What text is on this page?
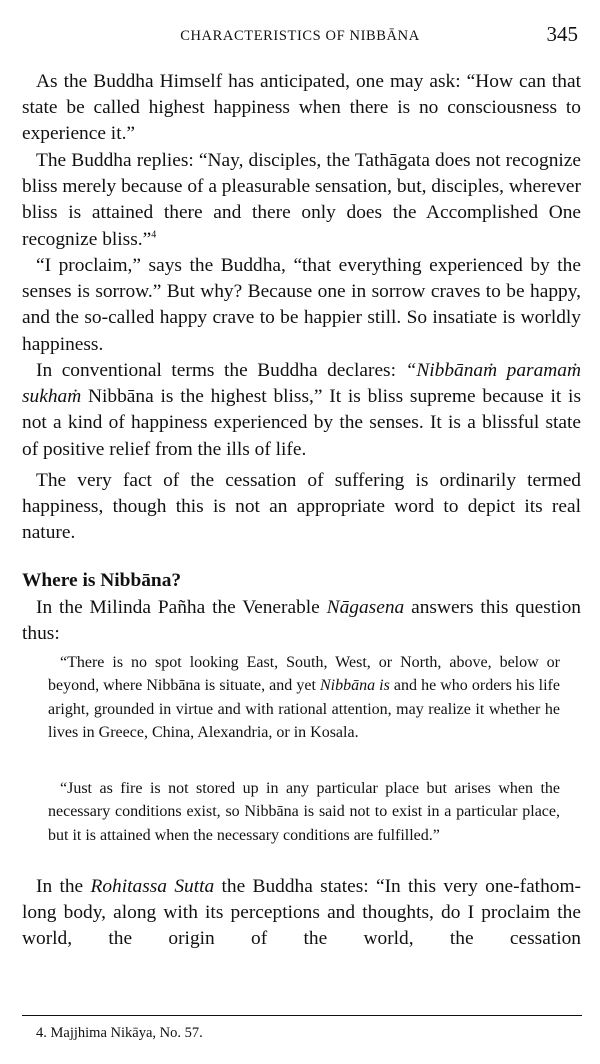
CHARACTERISTICS OF NIBBĀNA	345

As the Buddha Himself has anticipated, one may ask: “How can that state be called highest happiness when there is no consciousness to experience it.”

The Buddha replies: “Nay, disciples, the Tathāgata does not recognize bliss merely because of a pleasurable sensation, but, disciples, wherever bliss is attained there and there only does the Accomplished One recognize bliss.”$^4$

“I proclaim,” says the Buddha, “that everything experienced by the senses is sorrow.” But why? Because one in sorrow craves to be happy, and the so-called happy crave to be happier still. So insatiate is worldly happiness.

In conventional terms the Buddha declares: “Nibbānaṁ paramaṁ sukhaṁ Nibbāna is the highest bliss,” It is bliss supreme because it is not a kind of happiness experienced by the senses. It is a blissful state of positive relief from the ills of life.

The very fact of the cessation of suffering is ordinarily termed happiness, though this is not an appropriate word to depict its real nature.

Where is Nibbāna?

In the Milinda Pañha the Venerable Nāgasena answers this question thus:

“There is no spot looking East, South, West, or North, above, below or beyond, where Nibbāna is situate, and yet Nibbāna is and he who orders his life aright, grounded in virtue and with rational attention, may realize it whether he lives in Greece, China, Alexandria, or in Kosala.

“Just as fire is not stored up in any particular place but arises when the necessary conditions exist, so Nibbāna is said not to exist in a particular place, but it is attained when the necessary conditions are fulfilled.”

In the Rohitassa Sutta the Buddha states: “In this very one-fathom-long body, along with its perceptions and thoughts, do I proclaim the world, the origin of the world, the cessation

4. Majjhima Nikāya, No. 57.
